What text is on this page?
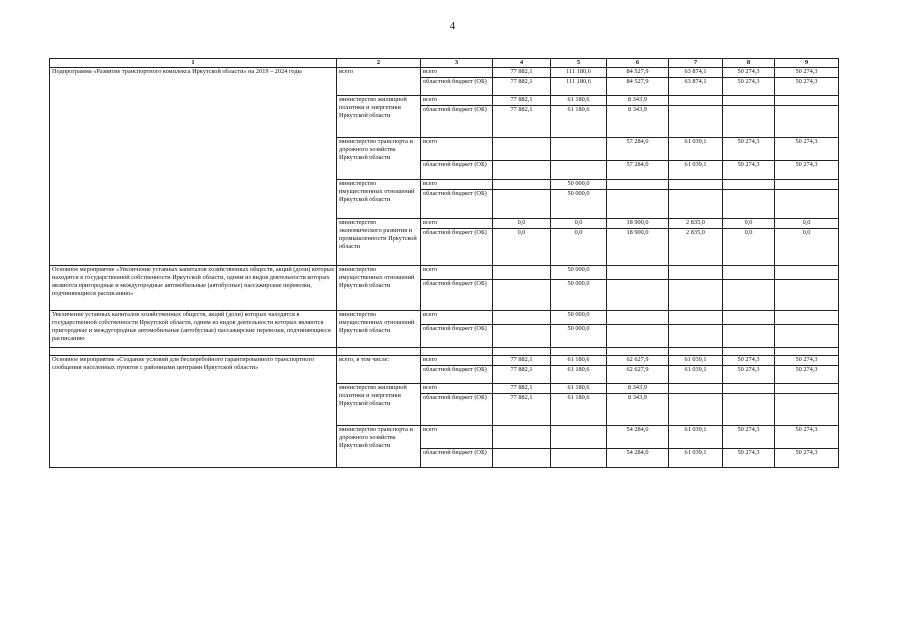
4
1	2	3	4	5	6	7	8	9
Подпрограмма «Развитие транспортного комплекса Иркутской области» на 2019 – 2024 годы	всего	всего	77 882,1	111 180,6	84 527,9	63 874,1	50 274,3	50 274,3
		областной бюджет (ОБ)	77 882,1	111 180,6	84 527,9	63 874,1	50 274,3	50 274,3
	министерство жилищной политики и энергетики Иркутской области	всего	77 882,1	61 180,6	8 343,9			
		областной бюджет (ОБ)	77 882,1	61 180,6	8 343,9			
	министерство транспорта и дорожного хозяйства Иркутской области	всего			57 284,0	61 039,1	50 274,3	50 274,3
		областной бюджет (ОБ)			57 284,0	61 039,1	50 274,3	50 274,3
	министерство имущественных отношений Иркутской области	всего		50 000,0				
		областной бюджет (ОБ)		50 000,0				
	министерство экономического развития и промышленности Иркутской области	всего	0,0	0,0	18 900,0	2 835,0	0,0	0,0
		областной бюджет (ОБ)	0,0	0,0	18 900,0	2 835,0	0,0	0,0
Основное мероприятие «Увеличение уставных капиталов хозяйственных обществ, акций (доли) которых находятся в государственной собственности Иркутской области, одним из видов деятельности которых являются пригородные и междугородные автомобильные (автобусные) пассажирские перевозки, подчиняющиеся расписанию»	министерство имущественных отношений Иркутской области	всего		50 000,0				
		областной бюджет (ОБ)		50 000,0				
Увеличение уставных капиталов хозяйственных обществ, акций (доли) которых находятся в государственной собственности Иркутской области, одним из видов деятельности которых являются пригородные и междугородные автомобильные (автобусные) пассажирские перевозки, подчиняющиеся расписанию	министерство имущественных отношений Иркутской области	всего		50 000,0				
		областной бюджет (ОБ)		50 000,0				

Основное мероприятие «Создание условий для бесперебойного гарантированного транспортного сообщения населенных пунктов с районными центрами Иркутской области»	всего, в том числе:	всего	77 882,1	61 180,6	62 627,9	61 039,1	50 274,3	50 274,3
		областной бюджет (ОБ)	77 882,1	61 180,6	62 627,9	61 039,1	50 274,3	50 274,3
	министерство жилищной политики и энергетики Иркутской области	всего	77 882,1	61 180,6	8 343,9			
		областной бюджет (ОБ)	77 882,1	61 180,6	8 343,9			
	министерство транспорта и дорожного хозяйства Иркутской области	всего			54 284,0	61 039,1	50 274,3	50 274,3
		областной бюджет (ОБ)			54 284,0	61 039,1	50 274,3	50 274,3
